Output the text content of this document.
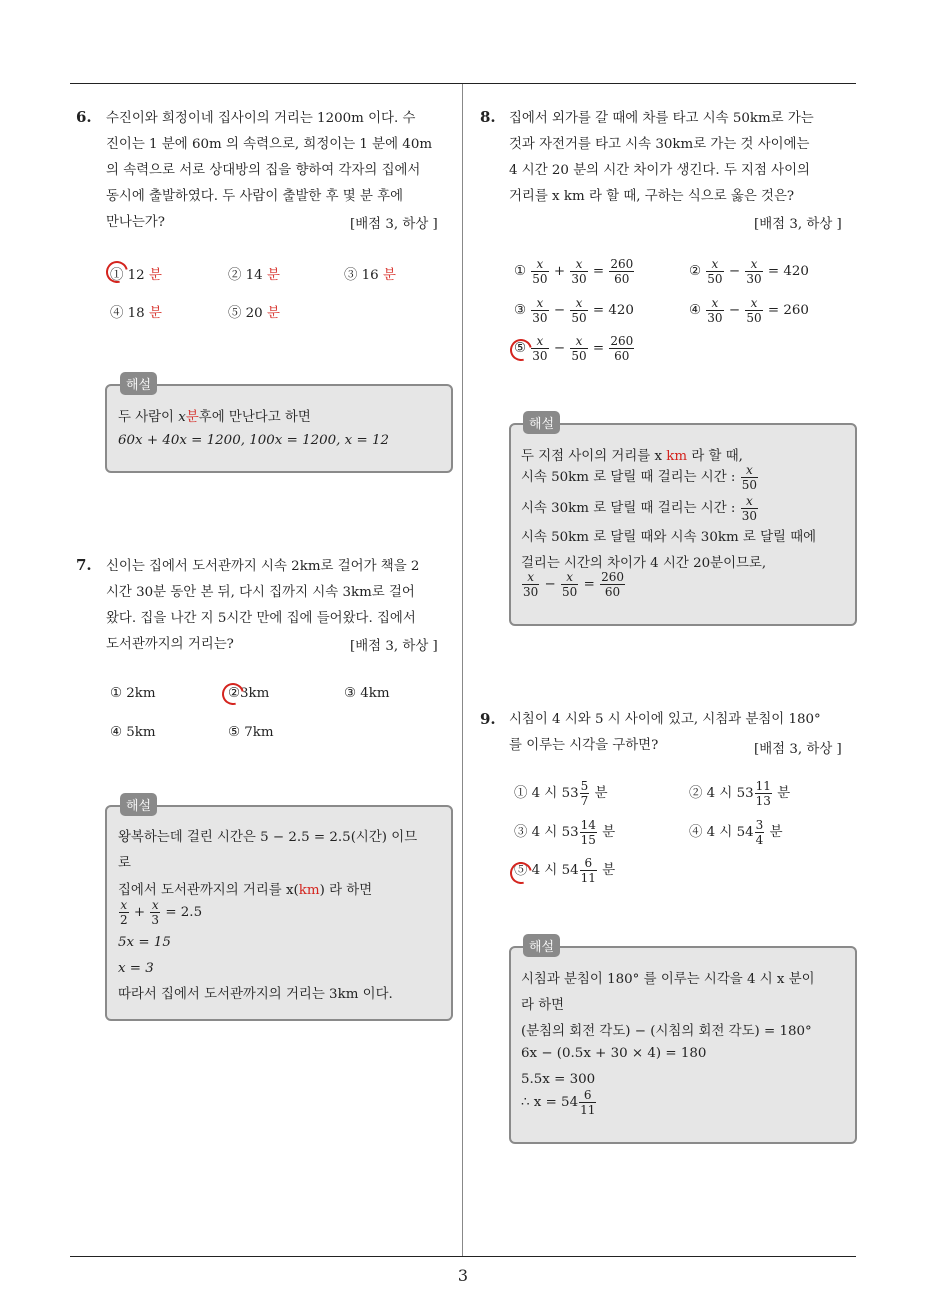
6. 수진이와 희정이네 집사이의 거리는 1200m 이다. 수
진이는 1 분에 60m 의 속력으로, 희정이는 1 분에 40m
의 속력으로 서로 상대방의 집을 향하여 각자의 집에서
동시에 출발하였다. 두 사람이 출발한 후 몇 분 후에
만나는가?	[배점 3, 하상 ]
① 12 분	② 14 분	③ 16 분
④ 18 분	⑤ 20 분
해설
두 사람이 x분후에 만난다고 하면
60x + 40x = 1200, 100x = 1200, x = 12
7. 신이는 집에서 도서관까지 시속 2km로 걸어가 책을 2
시간 30분 동안 본 뒤, 다시 집까지 시속 3km로 걸어
왔다. 집을 나간 지 5시간 만에 집에 들어왔다. 집에서
도서관까지의 거리는?	[배점 3, 하상 ]
① 2km	②3km	③ 4km
④ 5km	⑤ 7km
해설
왕복하는데 걸린 시간은 5 − 2.5 = 2.5(시간) 이므
로
집에서 도서관까지의 거리를 x(km) 라 하면
$\frac{x}{2} + \frac{x}{3} = 2.5$
5x = 15
x = 3
따라서 집에서 도서관까지의 거리는 3km 이다.
8. 집에서 외가를 갈 때에 차를 타고 시속 50km로 가는
것과 자전거를 타고 시속 30km로 가는 것 사이에는
4 시간 20 분의 시간 차이가 생긴다. 두 지점 사이의
거리를 x km 라 할 때, 구하는 식으로 옳은 것은?
[배점 3, 하상 ]
① $\frac{x}{50} + \frac{x}{30} = \frac{260}{60}$	② $\frac{x}{50} - \frac{x}{30} = 420$
③ $\frac{x}{30} - \frac{x}{50} = 420$	④ $\frac{x}{30} - \frac{x}{50} = 260$
⑤ $\frac{x}{30} - \frac{x}{50} = \frac{260}{60}$
해설
두 지점 사이의 거리를 x km 라 할 때,
시속 50km 로 달릴 때 걸리는 시간 : $\frac{x}{50}$
시속 30km 로 달릴 때 걸리는 시간 : $\frac{x}{30}$
시속 50km 로 달릴 때와 시속 30km 로 달릴 때에
걸리는 시간의 차이가 4 시간 20분이므로,
$\frac{x}{30} - \frac{x}{50} = \frac{260}{60}$
9. 시침이 4 시와 5 시 사이에 있고, 시침과 분침이 180°
를 이루는 시각을 구하면?	[배점 3, 하상 ]
① 4 시 $53 \frac{5}{7}$ 분	② 4 시 $53 \frac{11}{13}$ 분
③ 4 시 $53 \frac{14}{15}$ 분	④ 4 시 $54 \frac{3}{4}$ 분
⑤ 4 시 $54 \frac{6}{11}$ 분
해설
시침과 분침이 180° 를 이루는 시각을 4 시 x 분이
라 하면
(분침의 회전 각도) − (시침의 회전 각도) = 180°
6x − (0.5x + 30 × 4) = 180
5.5x = 300
∴ $x = 54 \frac{6}{11}$
3
